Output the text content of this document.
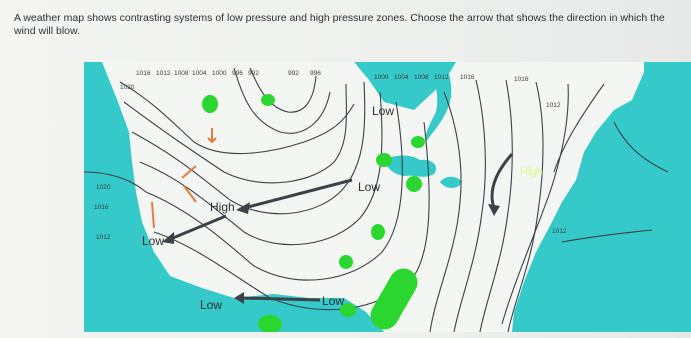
A weather map shows contrasting systems of low pressure and high pressure zones. Choose the arrow that shows the direction in which the wind will blow.
1016 1012 1008 1004 1000 996 992	992 996
1000 1004 1008 1012 1016	1016
1020
1020
1016
1012
1012
1012
Low
Low
High
Low
Low	Low
High
